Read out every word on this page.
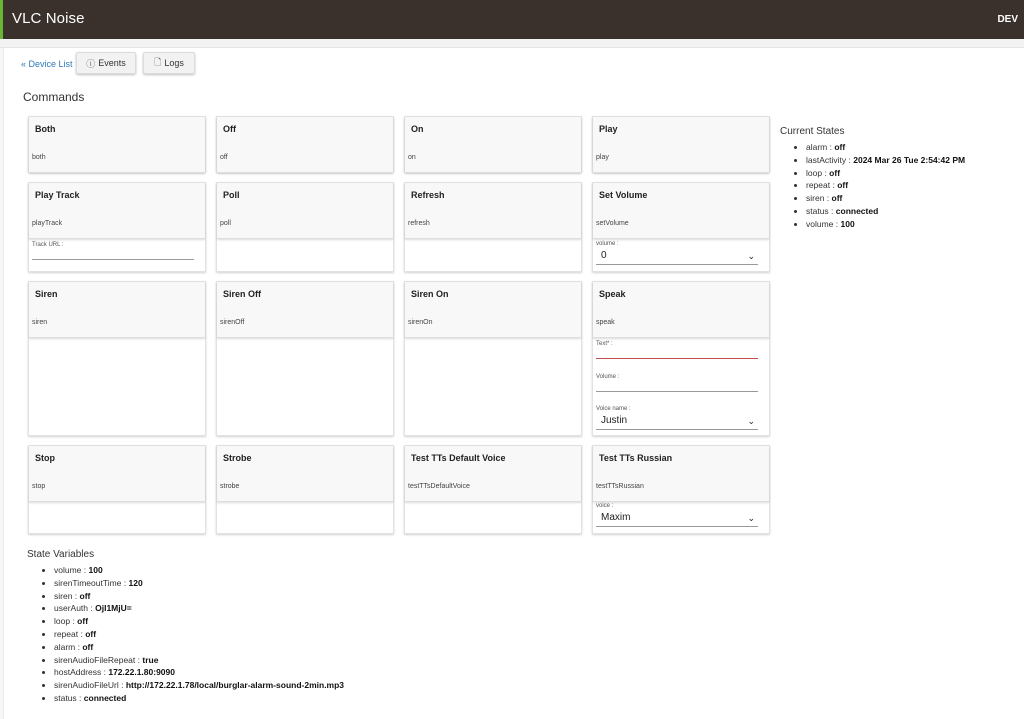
VLC Noise	DEV
« Device List ⓘ Events	🗋 Logs
Commands
Both
both
Off
off
On
on
Play
play
Play Track
playTrack
Track URL :
Poll
poll
Refresh
refresh
Set Volume
setVolume
volume :
0	⌄
Siren
siren
Siren Off
sirenOff
Siren On
sirenOn
Speak
speak
Text* :
Volume :
Voice name :
Justin	⌄
Stop
stop
Strobe
strobe
Test TTs Default Voice
testTTsDefaultVoice
Test TTs Russian
testTTsRussian
voice :
Maxim	⌄
Current States
• alarm : off
• lastActivity : 2024 Mar 26 Tue 2:54:42 PM
• loop : off
• repeat : off
• siren : off
• status : connected
• volume : 100
State Variables
• volume : 100
• sirenTimeoutTime : 120
• siren : off
• userAuth : OjI1MjU=
• loop : off
• repeat : off
• alarm : off
• sirenAudioFileRepeat : true
• hostAddress : 172.22.1.80:9090
• sirenAudioFileUrl : http://172.22.1.78/local/burglar-alarm-sound-2min.mp3
• status : connected
